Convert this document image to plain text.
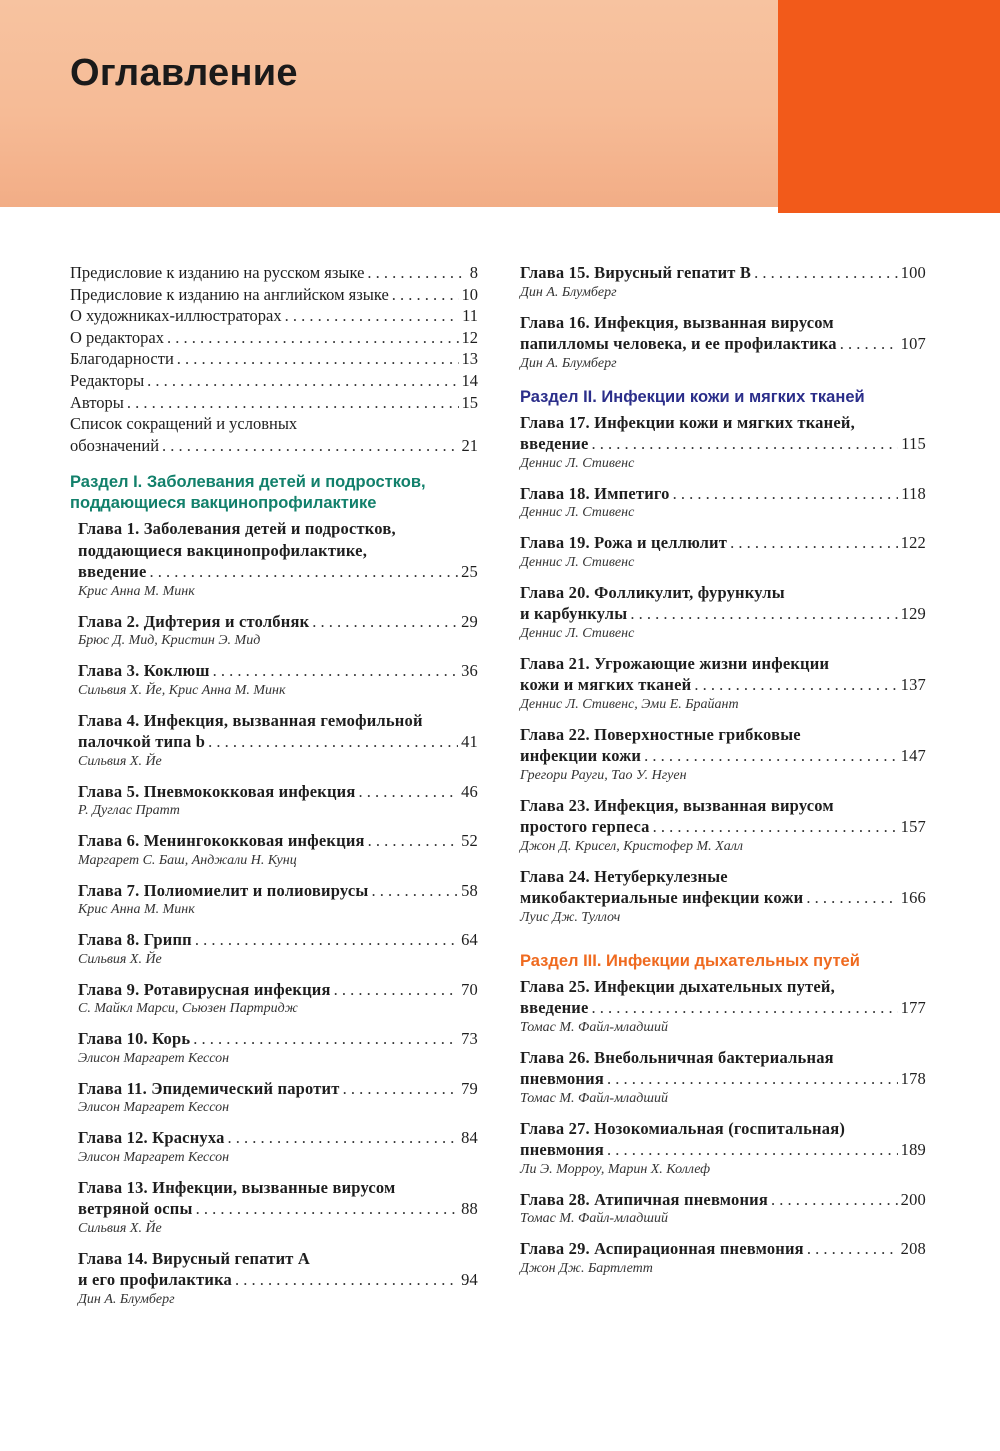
Оглавление
Предисловие к изданию на русском языке . . .	8
Предисловие к изданию на английском языке . . .	10
О художниках-иллюстраторах . . .	11
О редакторах . . .	12
Благодарности . . .	13
Редакторы . . .	14
Авторы . . .	15
Список сокращений и условных
обозначений . . .	21
Раздел I. Заболевания детей и подростков,
поддающиеся вакцинопрофилактике
Глава 1. Заболевания детей и подростков,
поддающиеся вакцинопрофилактике,
введение . . .	25
Крис Анна М. Минк
Глава 2. Дифтерия и столбняк . . .	29
Брюс Д. Мид, Кристин Э. Мид
Глава 3. Коклюш . . .	36
Сильвия Х. Йе, Крис Анна М. Минк
Глава 4. Инфекция, вызванная гемофильной
палочкой типа b . . .	41
Сильвия Х. Йе
Глава 5. Пневмококковая инфекция . . .	46
Р. Дуглас Пратт
Глава 6. Менингококковая инфекция . . .	52
Маргарет С. Баш, Анджали Н. Кунц
Глава 7. Полиомиелит и полиовирусы . . .	58
Крис Анна М. Минк
Глава 8. Грипп . . .	64
Сильвия Х. Йе
Глава 9. Ротавирусная инфекция . . .	70
С. Майкл Марси, Сьюзен Партридж
Глава 10. Корь . . .	73
Элисон Маргарет Кессон
Глава 11. Эпидемический паротит . . .	79
Элисон Маргарет Кессон
Глава 12. Краснуха . . .	84
Элисон Маргарет Кессон
Глава 13. Инфекции, вызванные вирусом
ветряной оспы . . .	88
Сильвия Х. Йе
Глава 14. Вирусный гепатит А
и его профилактика . . .	94
Дин А. Блумберг
Глава 15. Вирусный гепатит В . . .	100
Дин А. Блумберг
Глава 16. Инфекция, вызванная вирусом
папилломы человека, и ее профилактика . . .	107
Дин А. Блумберг
Раздел II. Инфекции кожи и мягких тканей
Глава 17. Инфекции кожи и мягких тканей,
введение . . .	115
Деннис Л. Стивенс
Глава 18. Импетиго . . .	118
Деннис Л. Стивенс
Глава 19. Рожа и целлюлит . . .	122
Деннис Л. Стивенс
Глава 20. Фолликулит, фурункулы
и карбункулы . . .	129
Деннис Л. Стивенс
Глава 21. Угрожающие жизни инфекции
кожи и мягких тканей . . .	137
Деннис Л. Стивенс, Эми Е. Брайант
Глава 22. Поверхностные грибковые
инфекции кожи . . .	147
Грегори Рауги, Тао У. Нгуен
Глава 23. Инфекция, вызванная вирусом
простого герпеса . . .	157
Джон Д. Крисел, Кристофер М. Халл
Глава 24. Нетуберкулезные
микобактериальные инфекции кожи . . .	166
Луис Дж. Туллоч
Раздел III. Инфекции дыхательных путей
Глава 25. Инфекции дыхательных путей,
введение . . .	177
Томас М. Файл-младший
Глава 26. Внебольничная бактериальная
пневмония . . .	178
Томас М. Файл-младший
Глава 27. Нозокомиальная (госпитальная)
пневмония . . .	189
Ли Э. Морроу, Марин Х. Коллеф
Глава 28. Атипичная пневмония . . .	200
Томас М. Файл-младший
Глава 29. Аспирационная пневмония . . .	208
Джон Дж. Бартлетт
